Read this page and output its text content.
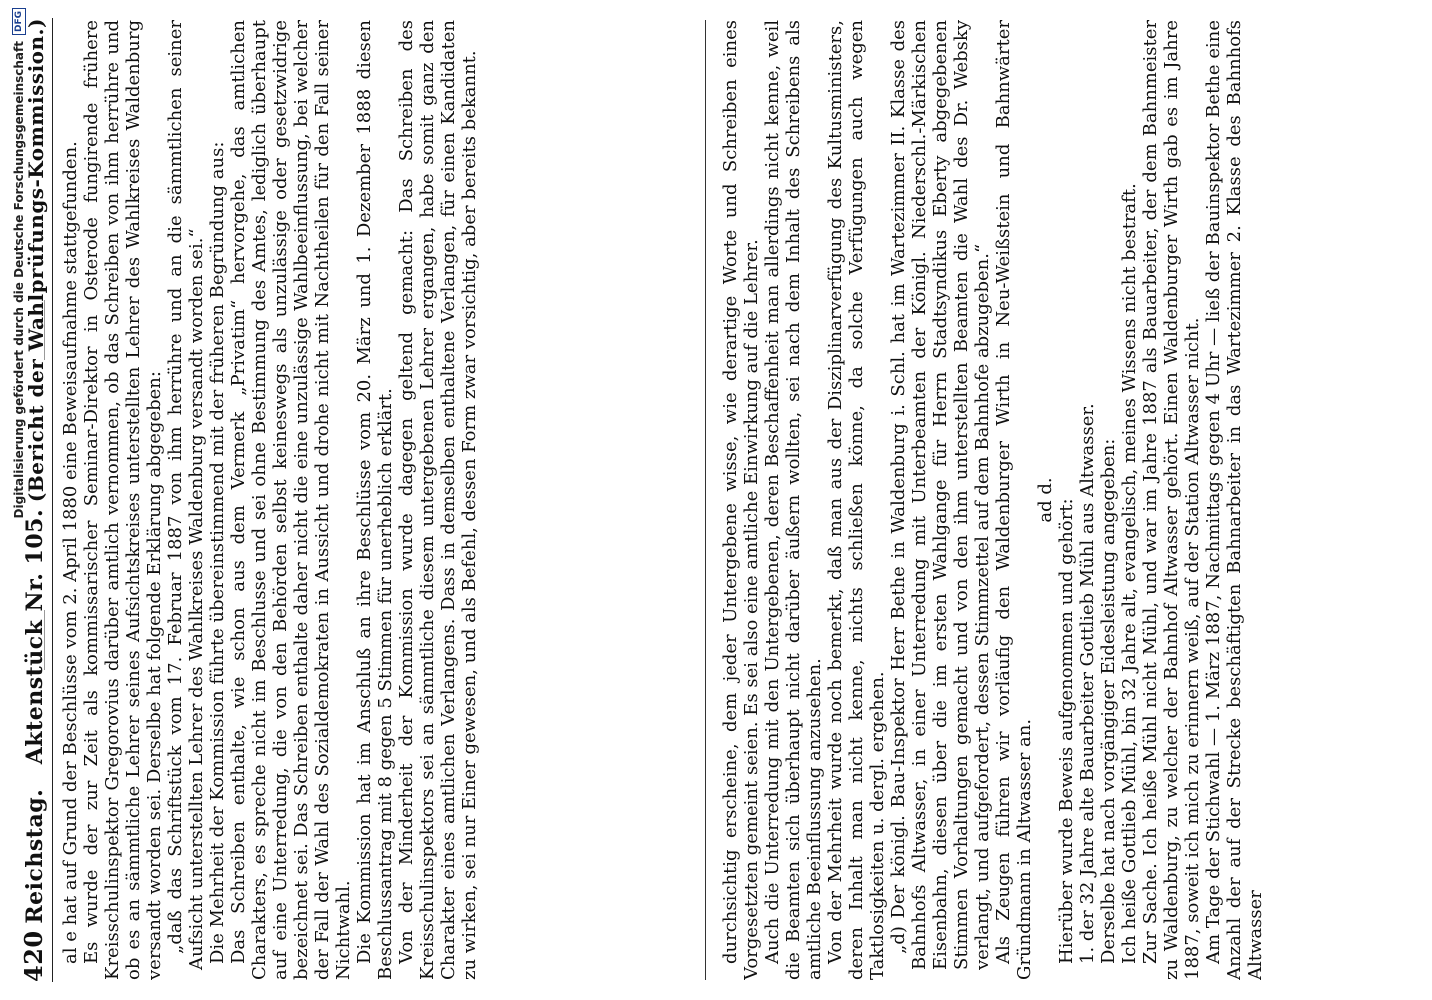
Digitalisierung gefördert durch die Deutsche Forschungsgemeinschaft
DFG
420
Reichstag.   Aktenstück Nr. 105.
(Bericht der Wahlprüfungs-Kommission.) al e hat auf Grund der Beschlüsse vom 2. April 1880 eine Beweisaufnahme stattgefunden. Es wurde der zur Zeit als kommissarischer Seminar-Direktor in Osterode fungirende frühere Kreisschulinspektor Gregorovius darüber amtlich vernommen, ob das Schreiben von ihm herrühre und ob es an sämmtliche Lehrer seines Aufsichtskreises unterstellten Lehrer des Wahlkreises Waldenburg versandt worden sei. Derselbe hat folgende Erklärung abgegeben: „daß das Schriftstück vom 17. Februar 1887 von ihm herrühre und an die sämmtlichen seiner Aufsicht unterstellten Lehrer des Wahlkreises Waldenburg versandt worden sei.“ Die Mehrheit der Kommission führte übereinstimmend mit der früheren Begründung aus: Das Schreiben enthalte, wie schon aus dem Vermerk „Privatim“ hervorgehe, das amtlichen Charakters, es spreche nicht im Beschlusse und sei ohne Bestimmung des Amtes, lediglich überhaupt auf eine Unterredung, die von den Behörden selbst keineswegs als unzulässige oder gesetzwidrige bezeichnet sei. Das Schreiben enthalte daher nicht die eine unzulässige Wahlbeeinflussung, bei welcher der Fall der Wahl des Sozialdemokraten in Aussicht und drohe nicht mit Nachtheilen für den Fall seiner Nichtwahl. Die Kommission hat im Anschluß an ihre Beschlüsse vom 20. März und 1. Dezember 1888 diesen Beschlussantrag mit 8 gegen 5 Stimmen für unerheblich erklärt. Von der Minderheit der Kommission wurde dagegen geltend gemacht: Das Schreiben des Kreisschulinspektors sei an sämmtliche diesem untergebenen Lehrer ergangen, habe somit ganz den Charakter eines amtlichen Verlangens. Dass in demselben enthaltene Verlangen, für einen Kandidaten zu wirken, sei nur Einer gewesen, und als Befehl, dessen Form zwar vorsichtig, aber bereits bekannt.	durchsichtig erscheine, dem jeder Untergebene wisse, wie derartige Worte und Schreiben eines Vorgesetzten gemeint seien. Es sei also eine amtliche Einwirkung auf die Lehrer. Auch die Unterredung mit den Untergebenen, deren Beschaffenheit man allerdings nicht kenne, weil die Beamten sich überhaupt nicht darüber äußern wollten, sei nach dem Inhalt des Schreibens als amtliche Beeinflussung anzusehen. Von der Mehrheit wurde noch bemerkt, daß man aus der Disziplinarverfügung des Kultusministers, deren Inhalt man nicht kenne, nichts schließen könne, da solche Verfügungen auch wegen Taktlosigkeiten u. dergl. ergehen. „d) Der königl. Bau-Inspektor Herr Bethe in Waldenburg i. Schl. hat im Wartezimmer II. Klasse des Bahnhofs Altwasser, in einer Unterredung mit Unterbeamten der Königl. Niederschl.-Märkischen Eisenbahn, diesen über die im ersten Wahlgange für Herrn Stadtsyndikus Eberty abgegebenen Stimmen Vorhaltungen gemacht und von den ihm unterstellten Beamten die Wahl des Dr. Websky verlangt, und aufgefordert, dessen Stimmzettel auf dem Bahnhofe abzugeben.“ Als Zeugen führen wir vorläufig den Waldenburger Wirth in Neu-Weißstein und Bahnwärter Gründmann in Altwasser an.

ad d. Hierüber wurde Beweis aufgenommen und gehört: 1. der 32 Jahre alte Bauarbeiter Gottlieb Mühl aus Altwasser. Derselbe hat nach vorgängiger Eidesleistung angegeben: Ich heiße Gottlieb Mühl, bin 32 Jahre alt, evangelisch, meines Wissens nicht bestraft. Zur Sache. Ich heiße Mühl nicht Mühl, und war im Jahre 1887 als Bauarbeiter, der dem Bahnmeister zu Waldenburg, zu welcher der Bahnhof Altwasser gehört. Einen Waldenburger Wirth gab es im Jahre 1887, soweit ich mich zu erinnern weiß, auf der Station Altwasser nicht. Am Tage der Stichwahl — 1. März 1887, Nachmittags gegen 4 Uhr — ließ der Bauinspektor Bethe eine Anzahl der auf der Strecke beschäftigten Bahnarbeiter in das Wartezimmer 2. Klasse des Bahnhofs Altwasser
